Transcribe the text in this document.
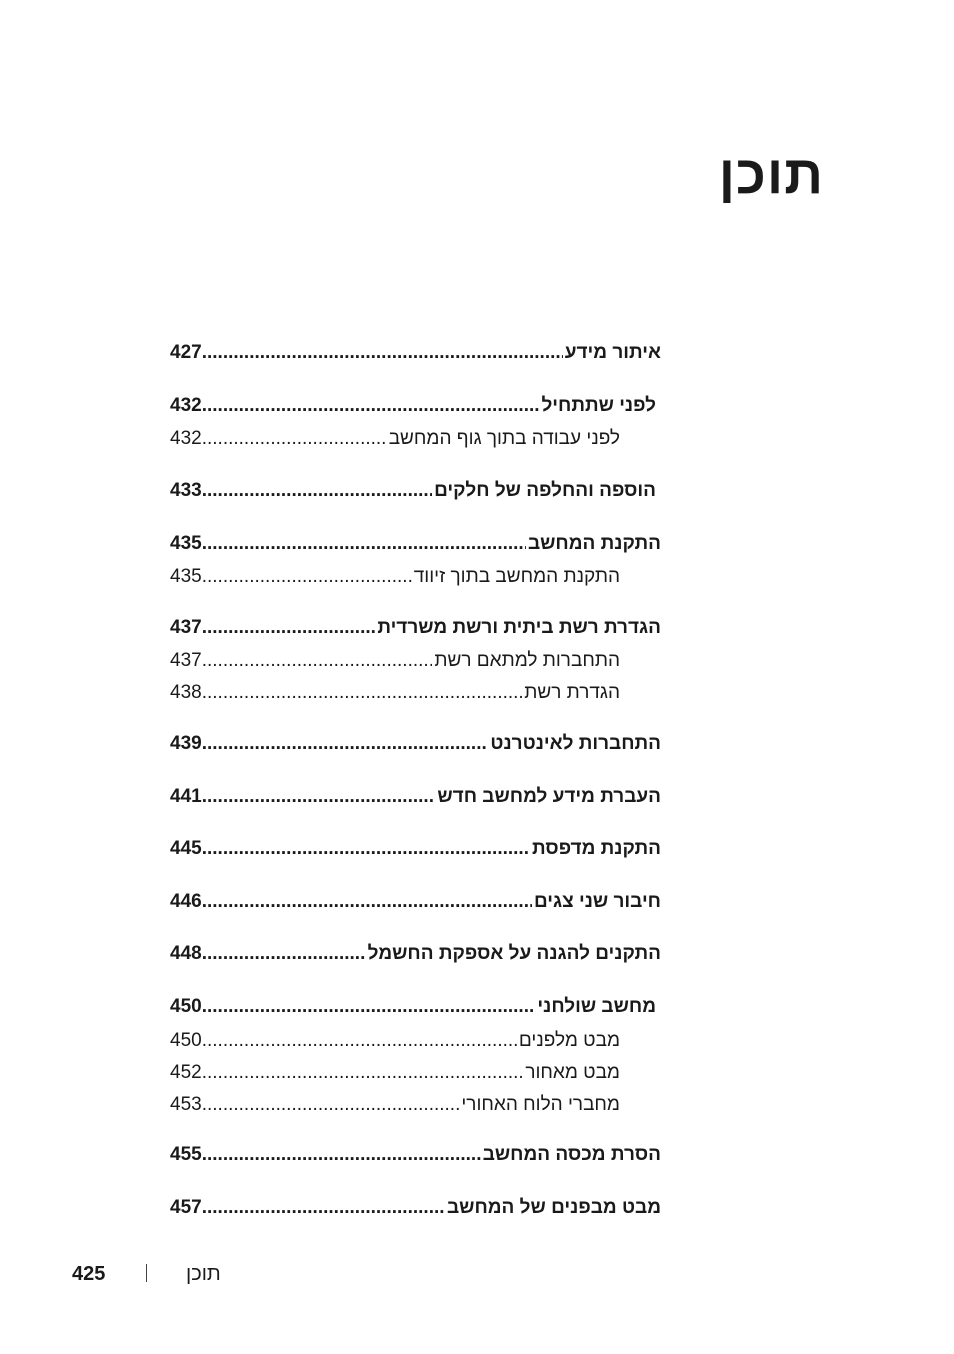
תוכן
427 .....	איתור מידע
432 .....	לפני שתתחיל
432 .....	לפני עבודה בתוך גוף המחשב
433 .....	הוספה והחלפה של חלקים
435 .....	התקנת המחשב
435 .....	התקנת המחשב בתוך זיווד
437 .....	הגדרת רשת ביתית ורשת משרדית
437 .....	התחברות למתאם רשת
438 .....	הגדרת רשת
439 .....	התחברות לאינטרנט
441 .....	העברת מידע למחשב חדש
445 .....	התקנת מדפסת
446 .....	חיבור שני צגים
448 .....	התקנים להגנה על אספקת החשמל
450 .....	מחשב שולחני
450 .....	מבט מלפנים
452 .....	מבט מאחור
453 .....	מחברי הלוח האחורי
455 .....	הסרת מכסה המחשב
457 .....	מבט מבפנים של המחשב
425	תוכן
